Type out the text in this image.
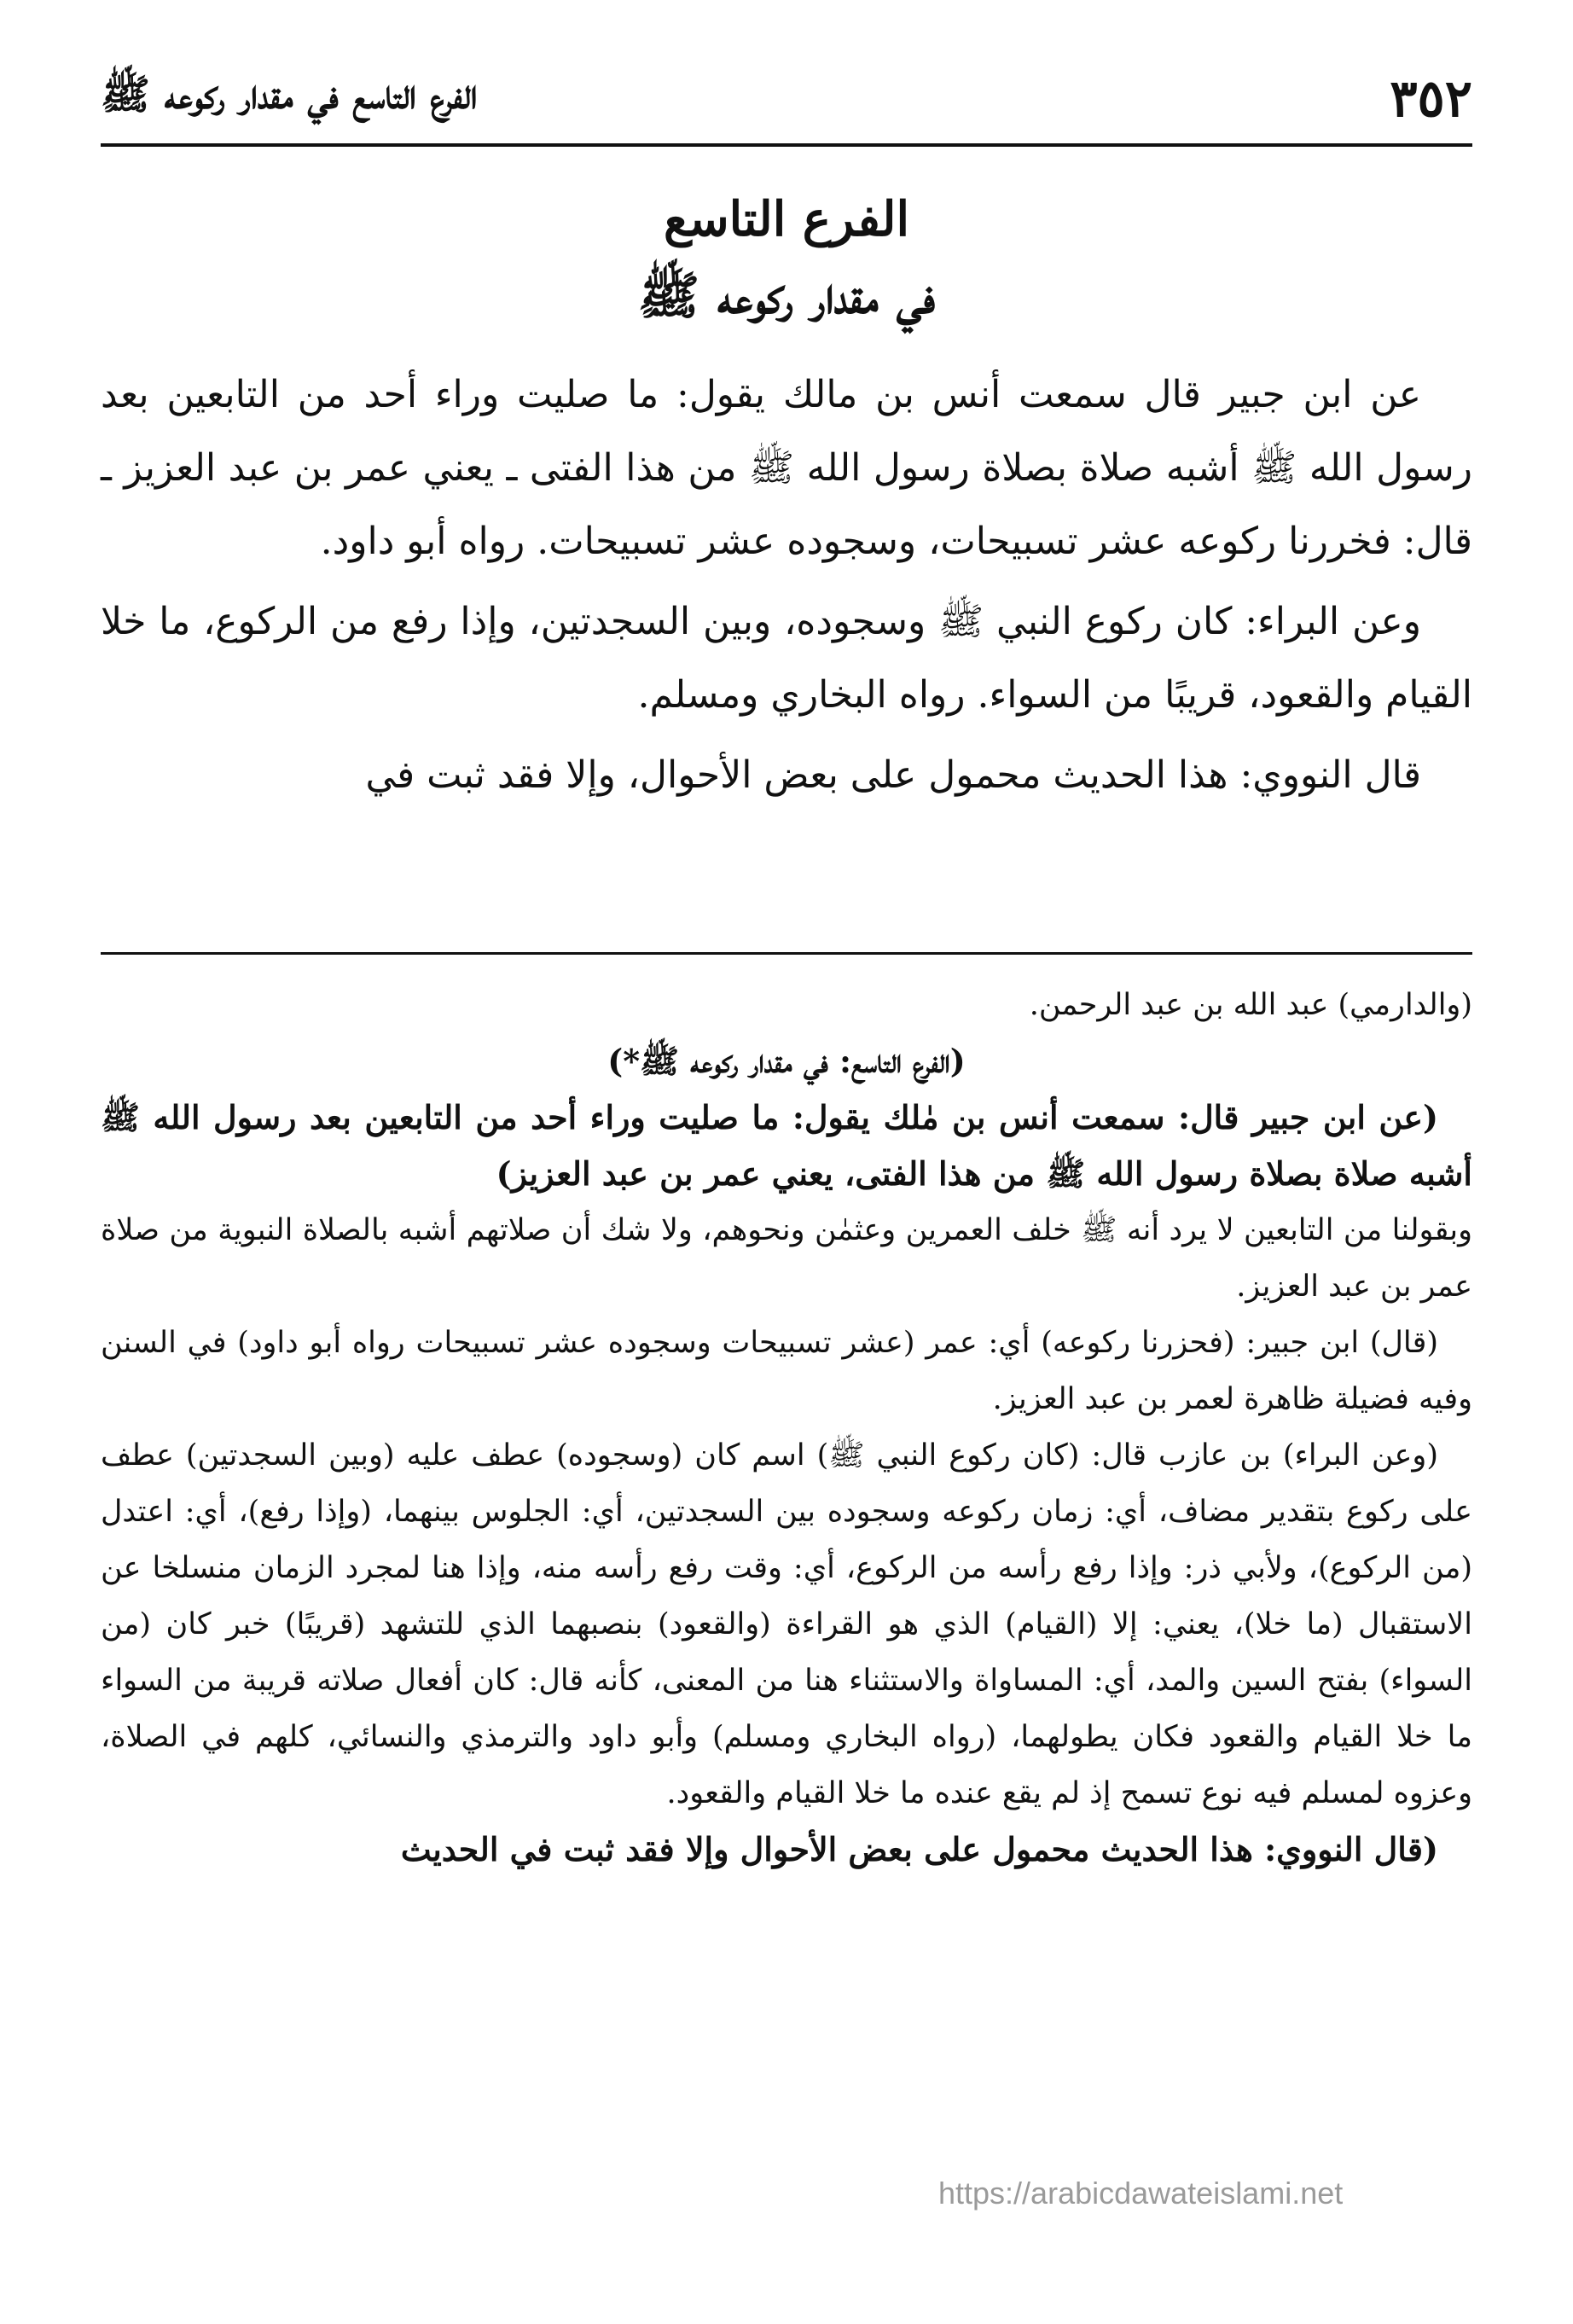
٣٥٢
الفرع التاسع في مقدار ركوعه ﷺ
الفرع التاسع
في مقدار ركوعه ﷺ

عن ابن جبير قال سمعت أنس بن مالك يقول: ما صليت وراء أحد من التابعين بعد رسول الله ﷺ أشبه صلاة بصلاة رسول الله ﷺ من هذا الفتى ـ يعني عمر بن عبد العزيز ـ قال: فخررنا ركوعه عشر تسبيحات، وسجوده عشر تسبيحات. رواه أبو داود.

وعن البراء: كان ركوع النبي ﷺ وسجوده، وبين السجدتين، وإذا رفع من الركوع، ما خلا القيام والقعود، قريبًا من السواء. رواه البخاري ومسلم.

قال النووي: هذا الحديث محمول على بعض الأحوال، وإلا فقد ثبت في

(والدارمي) عبد الله بن عبد الرحمن.

(الفرع التاسع: في مقدار ركوعه ﷺ*)

(عن ابن جبير قال: سمعت أنس بن مٰلك يقول: ما صليت وراء أحد من التابعين بعد رسول الله ﷺ أشبه صلاة بصلاة رسول الله ﷺ من هذا الفتى، يعني عمر بن عبد العزيز)

وبقولنا من التابعين لا يرد أنه ﷺ خلف العمرين وعثمٰن ونحوهم، ولا شك أن صلاتهم أشبه بالصلاة النبوية من صلاة عمر بن عبد العزيز.

(قال) ابن جبير: (فحزرنا ركوعه) أي: عمر (عشر تسبيحات وسجوده عشر تسبيحات رواه أبو داود) في السنن وفيه فضيلة ظاهرة لعمر بن عبد العزيز.

(وعن البراء) بن عازب قال: (كان ركوع النبي ﷺ) اسم كان (وسجوده) عطف عليه (وبين السجدتين) عطف على ركوع بتقدير مضاف، أي: زمان ركوعه وسجوده بين السجدتين، أي: الجلوس بينهما، (وإذا رفع)، أي: اعتدل (من الركوع)، ولأبي ذر: وإذا رفع رأسه من الركوع، أي: وقت رفع رأسه منه، وإذا هنا لمجرد الزمان منسلخا عن الاستقبال (ما خلا)، يعني: إلا (القيام) الذي هو القراءة (والقعود) بنصبهما الذي للتشهد (قريبًا) خبر كان (من السواء) بفتح السين والمد، أي: المساواة والاستثناء هنا من المعنى، كأنه قال: كان أفعال صلاته قريبة من السواء ما خلا القيام والقعود فكان يطولهما، (رواه البخاري ومسلم) وأبو داود والترمذي والنسائي، كلهم في الصلاة، وعزوه لمسلم فيه نوع تسمح إذ لم يقع عنده ما خلا القيام والقعود.

(قال النووي: هذا الحديث محمول على بعض الأحوال وإلا فقد ثبت في الحديث

https://arabicdawateislami.net
